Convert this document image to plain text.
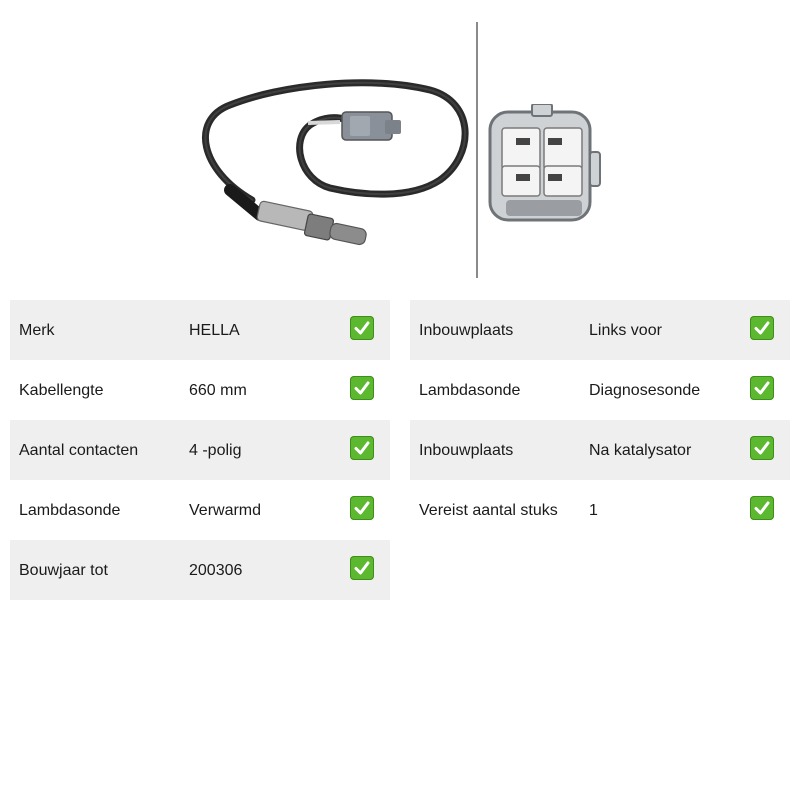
Merk	HELLA
Kabellengte	660 mm
Aantal contacten	4 -polig
Lambdasonde	Verwarmd
Bouwjaar tot	200306
Inbouwplaats	Links voor
Lambdasonde	Diagnosesonde
Inbouwplaats	Na katalysator
Vereist aantal stuks 1
